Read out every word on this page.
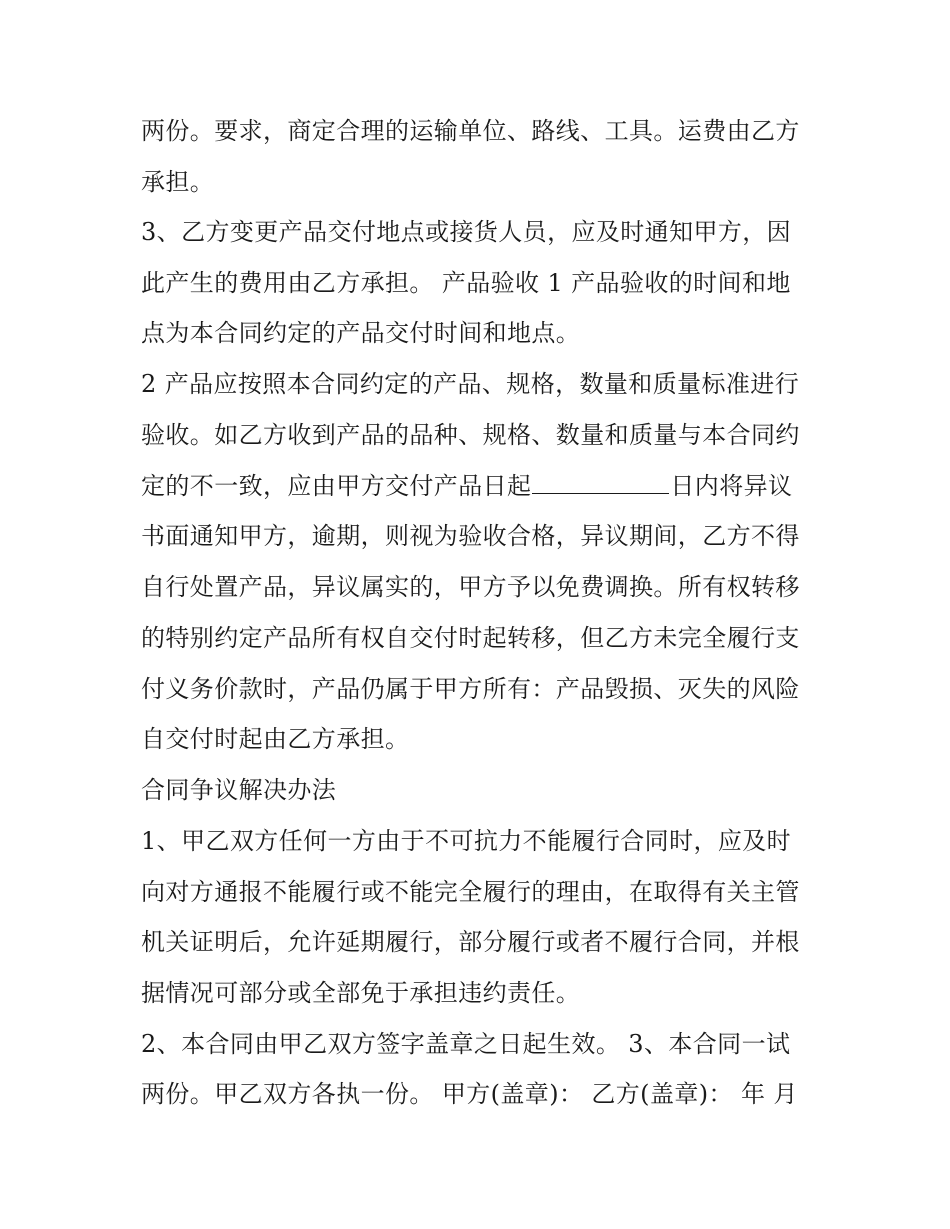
两份。要求，商定合理的运输单位、路线、工具。运费由乙方
承担。
3、乙方变更产品交付地点或接货人员，应及时通知甲方，因
此产生的费用由乙方承担。 产品验收 1 产品验收的时间和地
点为本合同约定的产品交付时间和地点。
2 产品应按照本合同约定的产品、规格，数量和质量标准进行
验收。如乙方收到产品的品种、规格、数量和质量与本合同约
定的不一致，应由甲方交付产品日起	日内将异议
书面通知甲方，逾期，则视为验收合格，异议期间，乙方不得
自行处置产品，异议属实的，甲方予以免费调换。所有权转移
的特别约定产品所有权自交付时起转移，但乙方未完全履行支
付义务价款时，产品仍属于甲方所有：产品毁损、灭失的风险
自交付时起由乙方承担。
合同争议解决办法
1、甲乙双方任何一方由于不可抗力不能履行合同时，应及时
向对方通报不能履行或不能完全履行的理由，在取得有关主管
机关证明后，允许延期履行，部分履行或者不履行合同，并根
据情况可部分或全部免于承担违约责任。
2、本合同由甲乙双方签字盖章之日起生效。 3、本合同一试
两份。甲乙双方各执一份。 甲方(盖章)： 乙方(盖章)： 年 月
